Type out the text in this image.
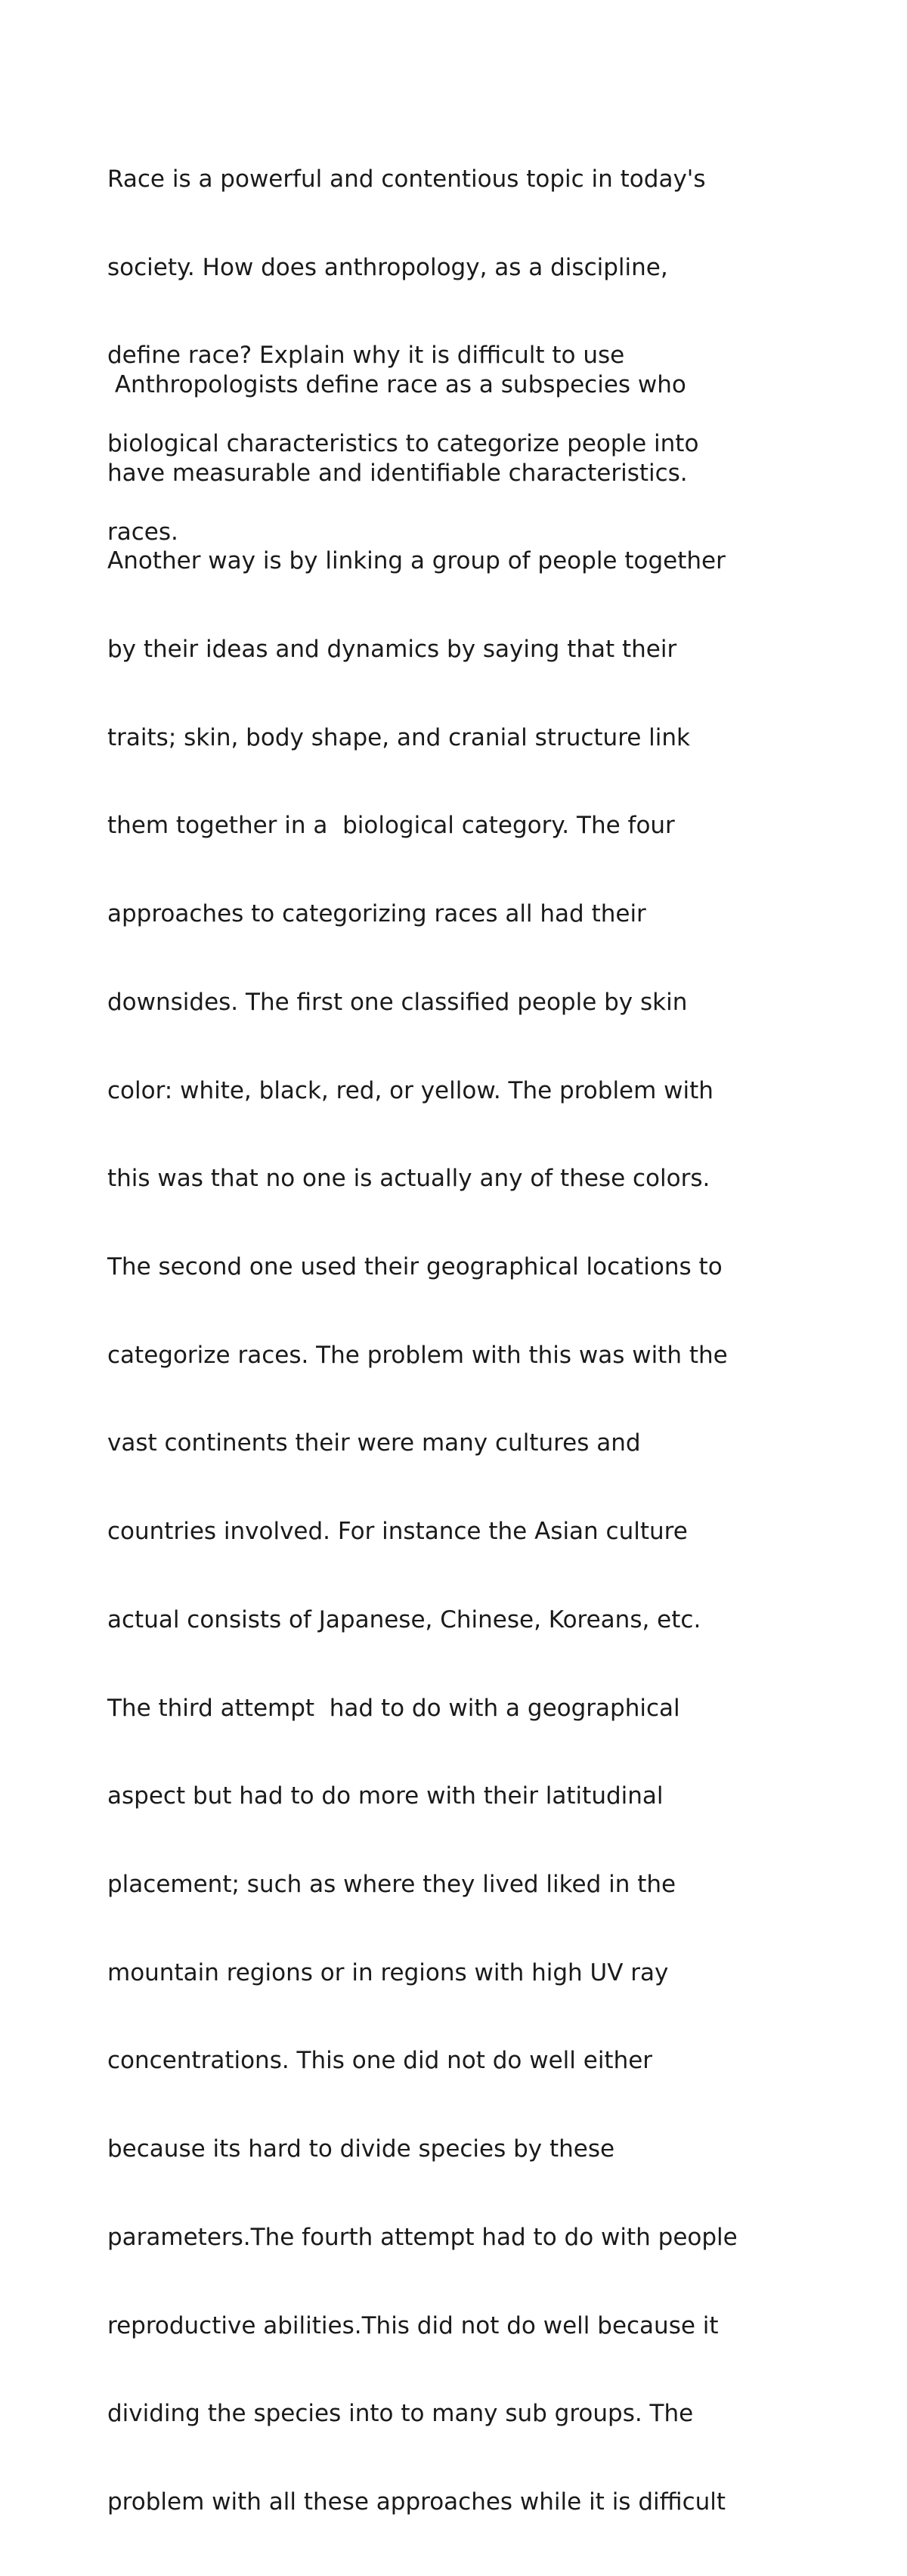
Race is a powerful and contentious topic in today's

society. How does anthropology, as a discipline,

define race? Explain why it is difficult to use

biological characteristics to categorize people into

races.

Anthropologists define race as a subspecies who

have measurable and identifiable characteristics.

Another way is by linking a group of people together

by their ideas and dynamics by saying that their

traits; skin, body shape, and cranial structure link

them together in a  biological category. The four

approaches to categorizing races all had their

downsides. The first one classified people by skin

color: white, black, red, or yellow. The problem with

this was that no one is actually any of these colors.

The second one used their geographical locations to

categorize races. The problem with this was with the

vast continents their were many cultures and

countries involved. For instance the Asian culture

actual consists of Japanese, Chinese, Koreans, etc.

The third attempt  had to do with a geographical

aspect but had to do more with their latitudinal

placement; such as where they lived liked in the

mountain regions or in regions with high UV ray

concentrations. This one did not do well either

because its hard to divide species by these

parameters.The fourth attempt had to do with people

reproductive abilities.This did not do well because it

dividing the species into to many sub groups. The

problem with all these approaches while it is difficult
